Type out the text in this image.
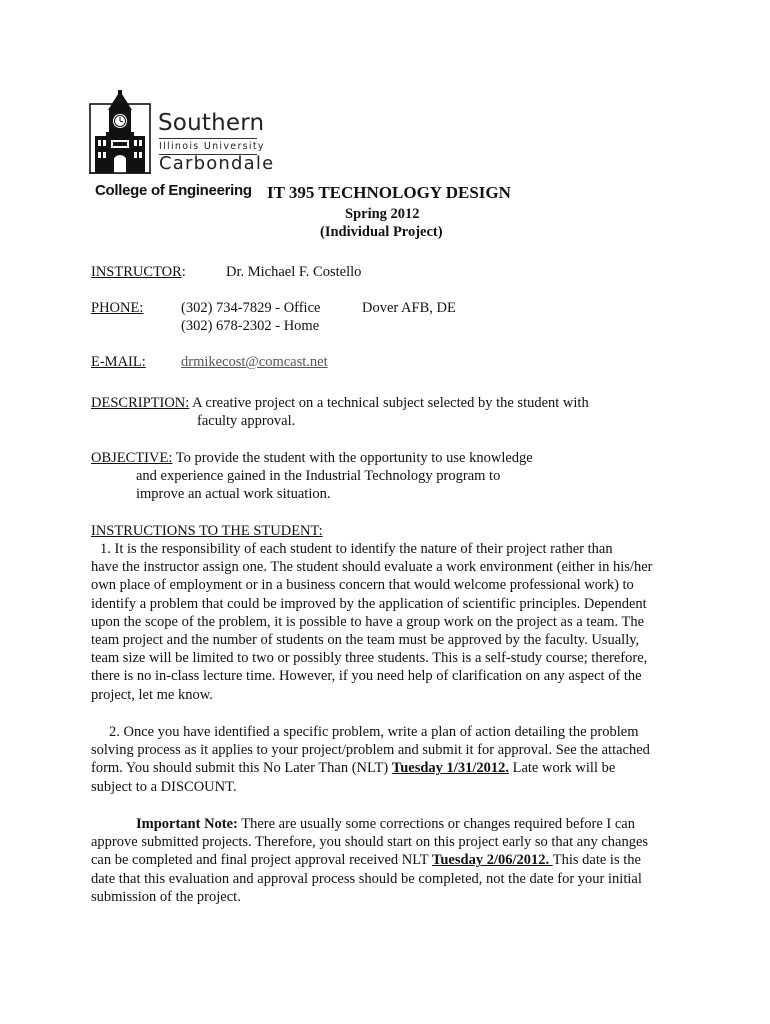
Southern
Illinois University
Carbondale
College of Engineering IT 395 TECHNOLOGY DESIGN
Spring 2012
(Individual Project)
INSTRUCTOR:	Dr. Michael F. Costello
PHONE:	(302) 734-7829 - Office	Dover AFB, DE
(302) 678-2302 - Home
E-MAIL: drmikecost@comcast.net
DESCRIPTION: A creative project on a technical subject selected by the student with
faculty approval.
OBJECTIVE: To provide the student with the opportunity to use knowledge
and experience gained in the Industrial Technology program to
improve an actual work situation.
INSTRUCTIONS TO THE STUDENT:
1. It is the responsibility of each student to identify the nature of their project rather than
have the instructor assign one. The student should evaluate a work environment (either in his/her
own place of employment or in a business concern that would welcome professional work) to
identify a problem that could be improved by the application of scientific principles. Dependent
upon the scope of the problem, it is possible to have a group work on the project as a team. The
team project and the number of students on the team must be approved by the faculty. Usually,
team size will be limited to two or possibly three students. This is a self-study course; therefore,
there is no in-class lecture time. However, if you need help of clarification on any aspect of the
project, let me know.
2. Once you have identified a specific problem, write a plan of action detailing the problem
solving process as it applies to your project/problem and submit it for approval. See the attached
form. You should submit this No Later Than (NLT) Tuesday 1/31/2012. Late work will be
subject to a DISCOUNT.
Important Note: There are usually some corrections or changes required before I can
approve submitted projects. Therefore, you should start on this project early so that any changes
can be completed and final project approval received NLT Tuesday 2/06/2012. This date is the
date that this evaluation and approval process should be completed, not the date for your initial
submission of the project.
